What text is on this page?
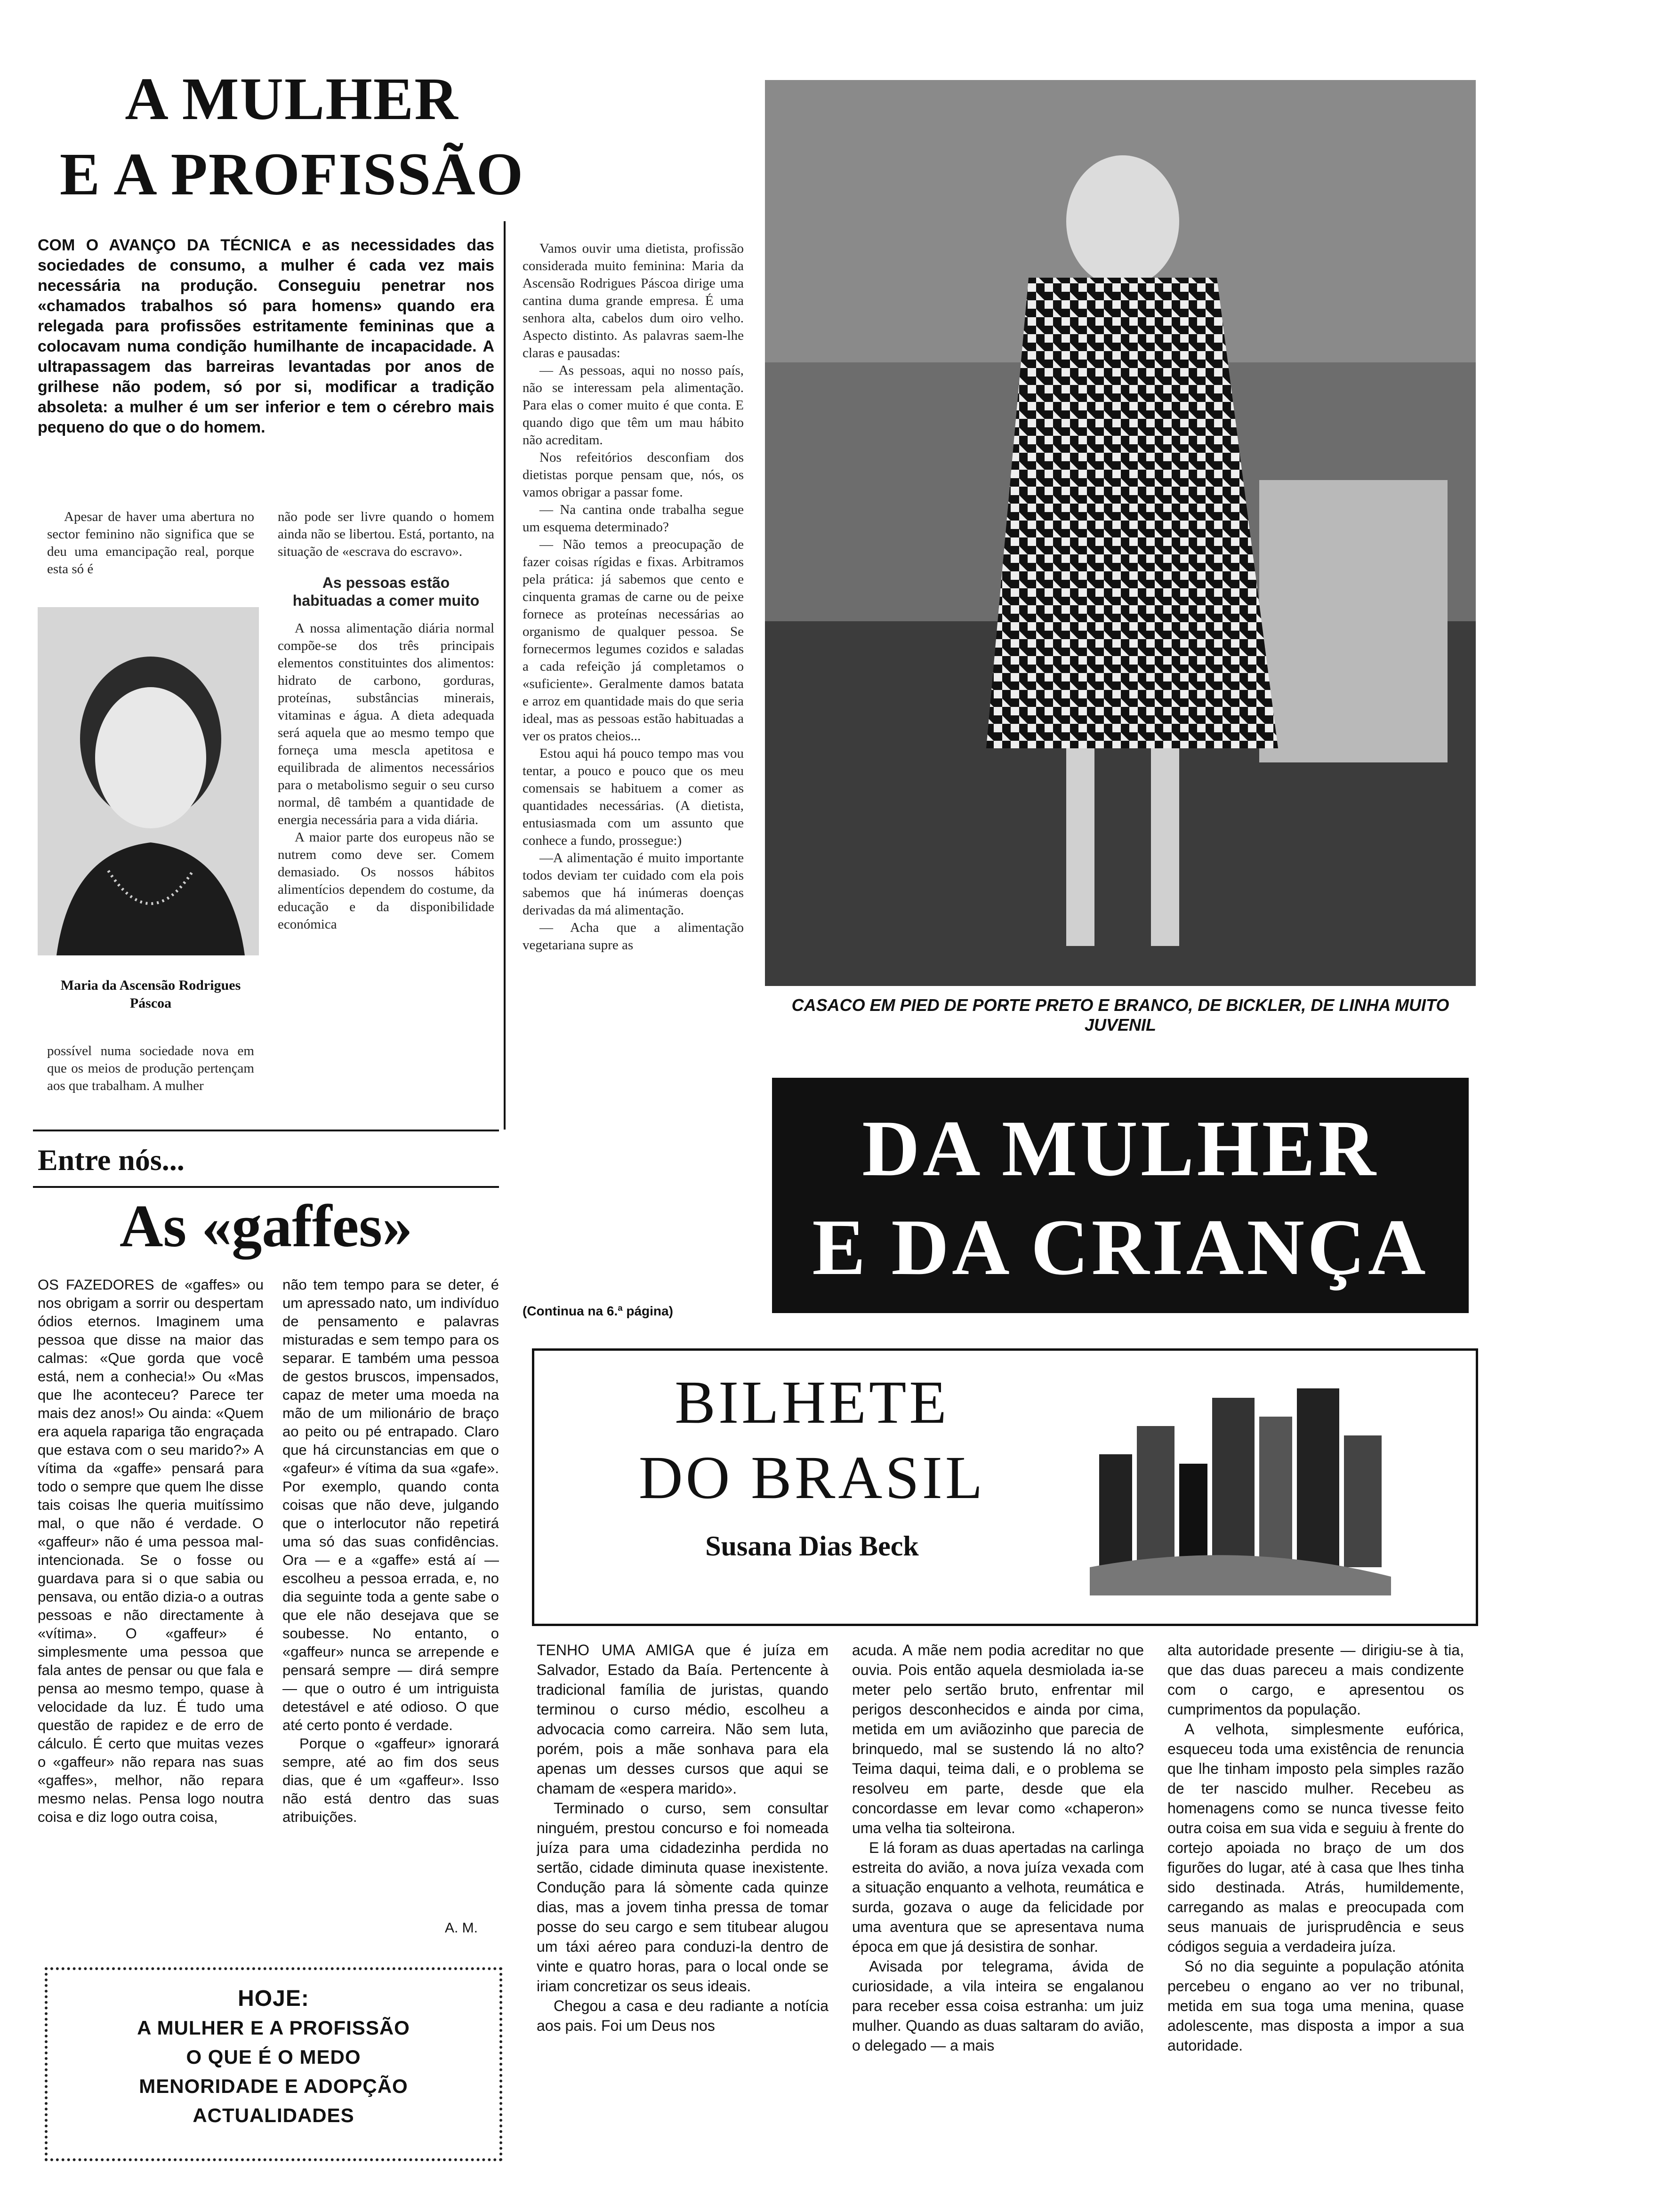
A MULHER
E A PROFISSÃO
COM O AVANÇO DA TÉCNICA e as necessidades das sociedades de consumo, a mulher é cada vez mais necessária na produção. Conseguiu penetrar nos «chamados trabalhos só para homens» quando era relegada para profissões estritamente femininas que a colocavam numa condição humilhante de incapacidade. A ultrapassagem das barreiras levantadas por anos de grilhese não podem, só por si, modificar a tradição absoleta: a mulher é um ser inferior e tem o cérebro mais pequeno do que o do homem.

Apesar de haver uma abertura no sector feminino não significa que se deu uma emancipação real, porque esta só é

Maria da Ascensão Rodrigues Páscoa

possível numa sociedade nova em que os meios de produção pertençam aos que trabalham. A mulher

não pode ser livre quando o homem ainda não se libertou. Está, portanto, na situação de «escrava do escravo».

As pessoas estão habituadas a comer muito

A nossa alimentação diária normal compõe-se dos três principais elementos constituintes dos alimentos: hidrato de carbono, gorduras, proteínas, substâncias minerais, vitaminas e água. A dieta adequada será aquela que ao mesmo tempo que forneça uma mescla apetitosa e equilibrada de alimentos necessários para o metabolismo seguir o seu curso normal, dê também a quantidade de energia necessária para a vida diária.

A maior parte dos europeus não se nutrem como deve ser. Comem demasiado. Os nossos hábitos alimentícios dependem do costume, da educação e da disponibilidade económica

Vamos ouvir uma dietista, profissão considerada muito feminina: Maria da Ascensão Rodrigues Páscoa dirige uma cantina duma grande empresa. É uma senhora alta, cabelos dum oiro velho. Aspecto distinto. As palavras saem-lhe claras e pausadas:

— As pessoas, aqui no nosso país, não se interessam pela alimentação. Para elas o comer muito é que conta. E quando digo que têm um mau hábito não acreditam.

Nos refeitórios desconfiam dos dietistas porque pensam que, nós, os vamos obrigar a passar fome.

— Na cantina onde trabalha segue um esquema determinado?

— Não temos a preocupação de fazer coisas rígidas e fixas. Arbitramos pela prática: já sabemos que cento e cinquenta gramas de carne ou de peixe fornece as proteínas necessárias ao organismo de qualquer pessoa. Se fornecermos legumes cozidos e saladas a cada refeição já completamos o «suficiente». Geralmente damos batata e arroz em quantidade mais do que seria ideal, mas as pessoas estão habituadas a ver os pratos cheios...

Estou aqui há pouco tempo mas vou tentar, a pouco e pouco que os meu comensais se habituem a comer as quantidades necessárias. (A dietista, entusiasmada com um assunto que conhece a fundo, prossegue:)

—A alimentação é muito importante todos deviam ter cuidado com ela pois sabemos que há inúmeras doenças derivadas da má alimentação.

— Acha que a alimentação vegetariana supre as

(Continua na 6.ª página)
CASACO EM PIED DE PORTE PRETO E BRANCO, DE BICKLER, DE LINHA MUITO JUVENIL
DA MULHER
E DA CRIANÇA
Entre nós...
As «gaffes»

OS FAZEDORES de «gaffes» ou nos obrigam a sorrir ou despertam ódios eternos. Imaginem uma pessoa que disse na maior das calmas: «Que gorda que você está, nem a conhecia!» Ou «Mas que lhe aconteceu? Parece ter mais dez anos!» Ou ainda: «Quem era aquela rapariga tão engraçada que estava com o seu marido?» A vítima da «gaffe» pensará para todo o sempre que quem lhe disse tais coisas lhe queria muitíssimo mal, o que não é verdade. O «gaffeur» não é uma pessoa mal-intencionada. Se o fosse ou guardava para si o que sabia ou pensava, ou então dizia-o a outras pessoas e não directamente à «vítima». O «gaffeur» é simplesmente uma pessoa que fala antes de pensar ou que fala e pensa ao mesmo tempo, quase à velocidade da luz. É tudo uma questão de rapidez e de erro de cálculo. É certo que muitas vezes o «gaffeur» não repara nas suas «gaffes», melhor, não repara mesmo nelas. Pensa logo noutra coisa e diz logo outra coisa,

não tem tempo para se deter, é um apressado nato, um indivíduo de pensamento e palavras misturadas e sem tempo para os separar. E também uma pessoa de gestos bruscos, impensados, capaz de meter uma moeda na mão de um milionário de braço ao peito ou pé entrapado. Claro que há circunstancias em que o «gafeur» é vítima da sua «gafe». Por exemplo, quando conta coisas que não deve, julgando que o interlocutor não repetirá uma só das suas confidências. Ora — e a «gaffe» está aí — escolheu a pessoa errada, e, no dia seguinte toda a gente sabe o que ele não desejava que se soubesse. No entanto, o «gaffeur» nunca se arrepende e pensará sempre — dirá sempre — que o outro é um intriguista detestável e até odioso. O que até certo ponto é verdade.

Porque o «gaffeur» ignorará sempre, até ao fim dos seus dias, que é um «gaffeur». Isso não está dentro das suas atribuições.

A. M.
HOJE:
A MULHER E A PROFISSÃO
O QUE É O MEDO
MENORIDADE E ADOPÇÃO
ACTUALIDADES
BILHETE
DO BRASIL
Susana Dias Beck

TENHO UMA AMIGA que é juíza em Salvador, Estado da Baía. Pertencente à tradicional família de juristas, quando terminou o curso médio, escolheu a advocacia como carreira. Não sem luta, porém, pois a mãe sonhava para ela apenas um desses cursos que aqui se chamam de «espera marido».

Terminado o curso, sem consultar ninguém, prestou concurso e foi nomeada juíza para uma cidadezinha perdida no sertão, cidade diminuta quase inexistente. Condução para lá sòmente cada quinze dias, mas a jovem tinha pressa de tomar posse do seu cargo e sem titubear alugou um táxi aéreo para conduzi-la dentro de vinte e quatro horas, para o local onde se iriam concretizar os seus ideais.

Chegou a casa e deu radiante a notícia aos pais. Foi um Deus nos

acuda. A mãe nem podia acreditar no que ouvia. Pois então aquela desmiolada ia-se meter pelo sertão bruto, enfrentar mil perigos desconhecidos e ainda por cima, metida em um aviãozinho que parecia de brinquedo, mal se sustendo lá no alto? Teima daqui, teima dali, e o problema se resolveu em parte, desde que ela concordasse em levar como «chaperon» uma velha tia solteirona.

E lá foram as duas apertadas na carlinga estreita do avião, a nova juíza vexada com a situação enquanto a velhota, reumática e surda, gozava o auge da felicidade por uma aventura que se apresentava numa época em que já desistira de sonhar.

Avisada por telegrama, ávida de curiosidade, a vila inteira se engalanou para receber essa coisa estranha: um juiz mulher. Quando as duas saltaram do avião, o delegado — a mais

alta autoridade presente — dirigiu-se à tia, que das duas pareceu a mais condizente com o cargo, e apresentou os cumprimentos da população.

A velhota, simplesmente eufórica, esqueceu toda uma existência de renuncia que lhe tinham imposto pela simples razão de ter nascido mulher. Recebeu as homenagens como se nunca tivesse feito outra coisa em sua vida e seguiu à frente do cortejo apoiada no braço de um dos figurões do lugar, até à casa que lhes tinha sido destinada. Atrás, humildemente, carregando as malas e preocupada com seus manuais de jurisprudência e seus códigos seguia a verdadeira juíza.

Só no dia seguinte a população atónita percebeu o engano ao ver no tribunal, metida em sua toga uma menina, quase adolescente, mas disposta a impor a sua autoridade.
